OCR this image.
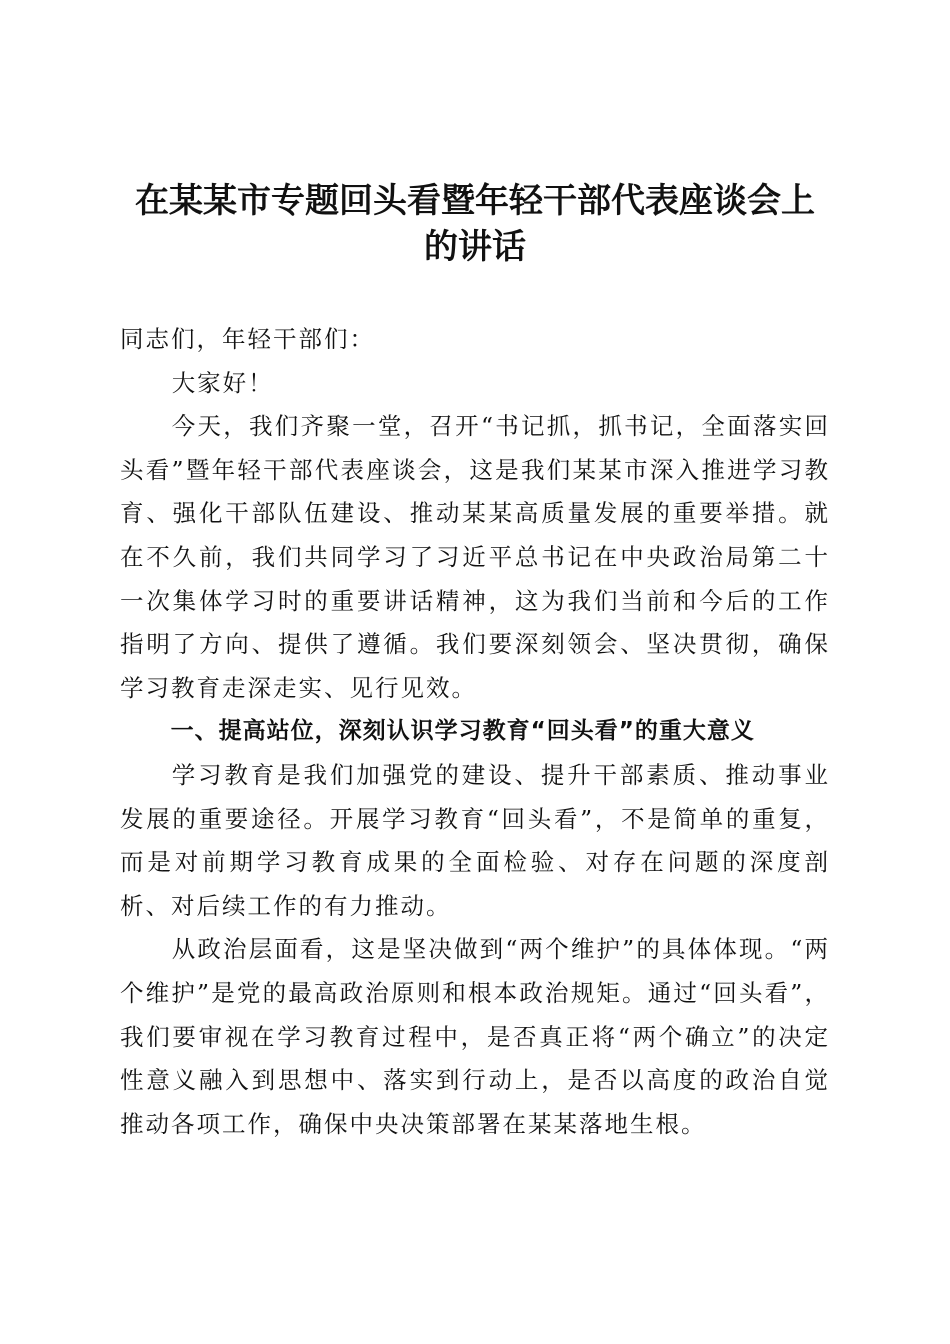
在某某市专题回头看暨年轻干部代表座谈会上
的讲话

同志们，年轻干部们：

大家好！

今天，我们齐聚一堂，召开“书记抓，抓书记，全面落实回头看”暨年轻干部代表座谈会，这是我们某某市深入推进学习教育、强化干部队伍建设、推动某某高质量发展的重要举措。就在不久前，我们共同学习了习近平总书记在中央政治局第二十一次集体学习时的重要讲话精神，这为我们当前和今后的工作指明了方向、提供了遵循。我们要深刻领会、坚决贯彻，确保学习教育走深走实、见行见效。

一、提高站位，深刻认识学习教育“回头看”的重大意义

学习教育是我们加强党的建设、提升干部素质、推动事业发展的重要途径。开展学习教育“回头看”，不是简单的重复，而是对前期学习教育成果的全面检验、对存在问题的深度剖析、对后续工作的有力推动。

从政治层面看，这是坚决做到“两个维护”的具体体现。“两个维护”是党的最高政治原则和根本政治规矩。通过“回头看”，我们要审视在学习教育过程中，是否真正将“两个确立”的决定性意义融入到思想中、落实到行动上，是否以高度的政治自觉推动各项工作，确保中央决策部署在某某落地生根。
